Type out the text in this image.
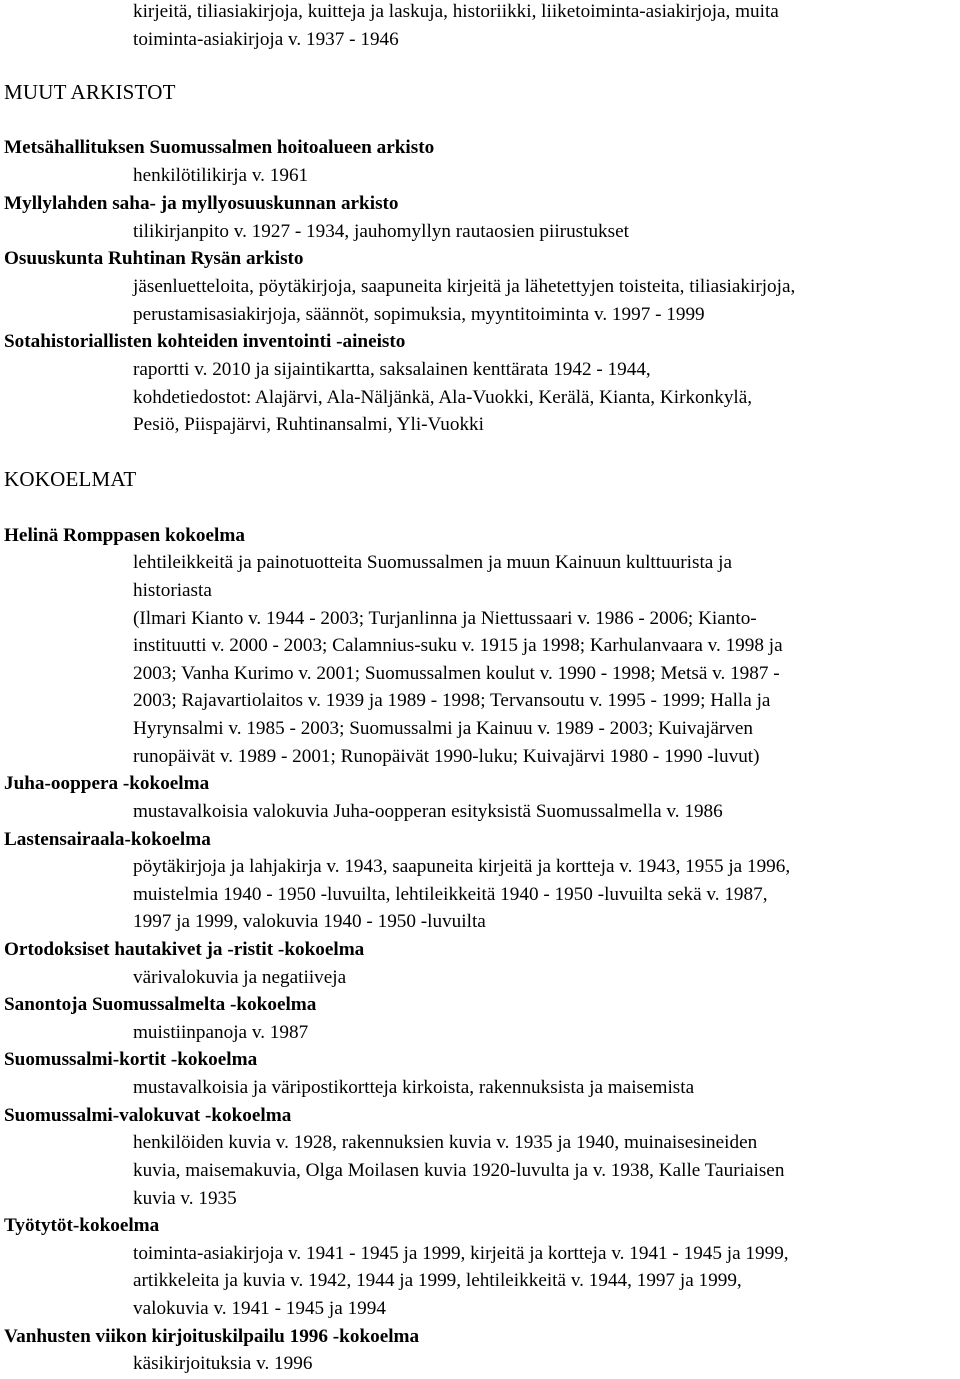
kirjeitä, tiliasiakirjoja, kuitteja ja laskuja, historiikki, liiketoiminta-asiakirjoja, muita
toiminta-asiakirjoja v. 1937 - 1946
MUUT ARKISTOT
Metsähallituksen Suomussalmen hoitoalueen arkisto
henkilötilikirja v. 1961
Myllylahden saha- ja myllyosuuskunnan arkisto
tilikirjanpito v. 1927 - 1934, jauhomyllyn rautaosien piirustukset
Osuuskunta Ruhtinan Rysän arkisto
jäsenluetteloita, pöytäkirjoja, saapuneita kirjeitä ja lähetettyjen toisteita, tiliasiakirjoja,
perustamisasiakirjoja, säännöt, sopimuksia, myyntitoiminta v. 1997 - 1999
Sotahistoriallisten kohteiden inventointi -aineisto
raportti v. 2010 ja sijaintikartta, saksalainen kenttärata 1942 - 1944,
kohdetiedostot: Alajärvi, Ala-Näljänkä, Ala-Vuokki, Kerälä, Kianta, Kirkonkylä,
Pesiö, Piispajärvi, Ruhtinansalmi, Yli-Vuokki
KOKOELMAT
Helinä Romppasen kokoelma
lehtileikkeitä ja painotuotteita Suomussalmen ja muun Kainuun kulttuurista ja
historiasta
(Ilmari Kianto v. 1944 - 2003; Turjanlinna ja Niettussaari v. 1986 - 2006; Kianto-
instituutti v. 2000 - 2003; Calamnius-suku v. 1915 ja 1998; Karhulanvaara v. 1998 ja
2003; Vanha Kurimo v. 2001; Suomussalmen koulut v. 1990 - 1998; Metsä v. 1987 -
2003; Rajavartiolaitos v. 1939 ja 1989 - 1998; Tervansoutu v. 1995 - 1999; Halla ja
Hyrynsalmi v. 1985 - 2003; Suomussalmi ja Kainuu v. 1989 - 2003; Kuivajärven
runopäivät v. 1989 - 2001; Runopäivät 1990-luku; Kuivajärvi 1980 - 1990 -luvut)
Juha-ooppera -kokoelma
mustavalkoisia valokuvia Juha-oopperan esityksistä Suomussalmella v. 1986
Lastensairaala-kokoelma
pöytäkirjoja ja lahjakirja v. 1943, saapuneita kirjeitä ja kortteja v. 1943, 1955 ja 1996,
muistelmia 1940 - 1950 -luvuilta, lehtileikkeitä 1940 - 1950 -luvuilta sekä v. 1987,
1997 ja 1999, valokuvia 1940 - 1950 -luvuilta
Ortodoksiset hautakivet ja -ristit -kokoelma
värivalokuvia ja negatiiveja
Sanontoja Suomussalmelta -kokoelma
muistiinpanoja v. 1987
Suomussalmi-kortit -kokoelma
mustavalkoisia ja väripostikortteja kirkoista, rakennuksista ja maisemista
Suomussalmi-valokuvat -kokoelma
henkilöiden kuvia v. 1928, rakennuksien kuvia v. 1935 ja 1940, muinaisesineiden
kuvia, maisemakuvia, Olga Moilasen kuvia 1920-luvulta ja v. 1938, Kalle Tauriaisen
kuvia v. 1935
Työtytöt-kokoelma
toiminta-asiakirjoja v. 1941 - 1945 ja 1999, kirjeitä ja kortteja v. 1941 - 1945 ja 1999,
artikkeleita ja kuvia v. 1942, 1944 ja 1999, lehtileikkeitä v. 1944, 1997 ja 1999,
valokuvia v. 1941 - 1945 ja 1994
Vanhusten viikon kirjoituskilpailu 1996 -kokoelma
käsikirjoituksia v. 1996
